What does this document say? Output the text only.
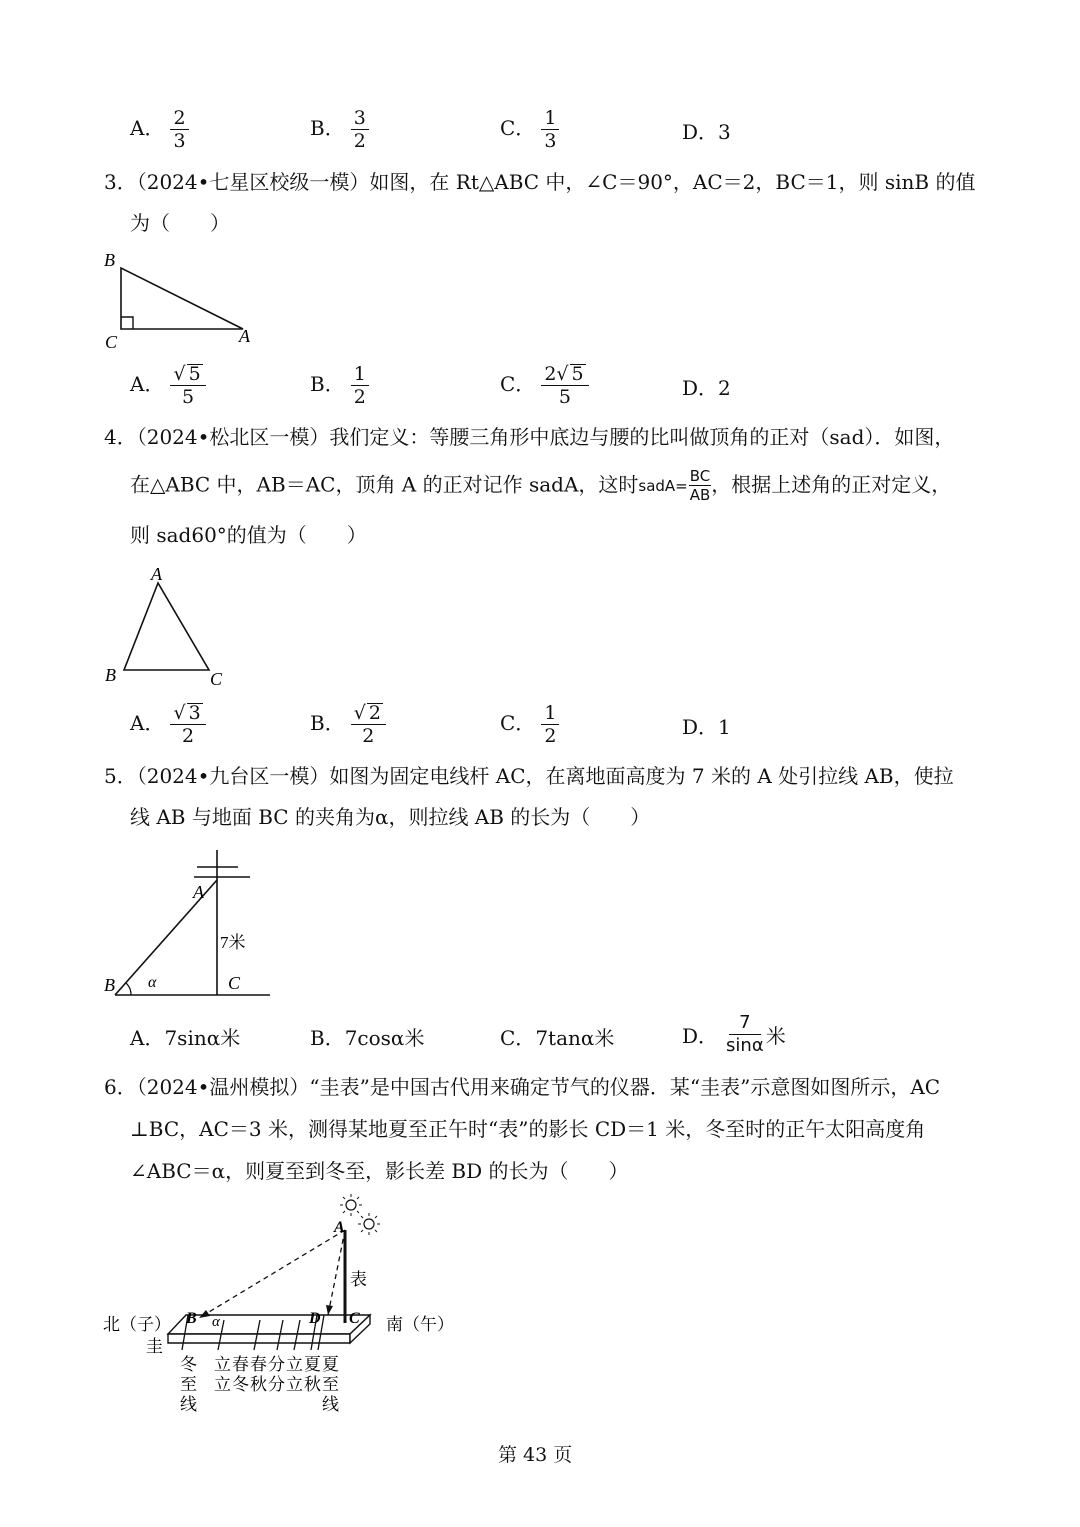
A． $\frac{2}{3}$	B． $\frac{3}{2}$	C． $\frac{1}{3}$	D．3
3．（2024•七星区校级一模）如图，在 Rt△ABC 中，∠C＝90°，AC＝2，BC＝1，则 sinB 的值
为（　　）
B
C	A
A． $\frac{√ 5}{5}$	B． $\frac{1}{2}$	C． $\frac{2√ 5}{5}$	D．2
4．（2024•松北区一模）我们定义：等腰三角形中底边与腰的比叫做顶角的正对（sad）．如图，
在△ABC 中，AB＝AC，顶角 A 的正对记作 sadA，这时sadA= $\frac{BC}{AB}$ ，根据上述角的正对定义，
则 sad60°的值为（　　）
A
B	C
A． $\frac{√ 3}{2}$	B． $\frac{√ 2}{2}$	C． $\frac{1}{2}$	D．1
5．（2024•九台区一模）如图为固定电线杆 AC，在离地面高度为 7 米的 A 处引拉线 AB，使拉
线 AB 与地面 BC 的夹角为α，则拉线 AB 的长为（　　）
A
B	C
α
7米
A．7sinα米	B．7cosα米	C．7tanα米	D． $\frac{7}{\sin\alpha}$ 米
6．（2024•温州模拟）“圭表”是中国古代用来确定节气的仪器．某“圭表”示意图如图所示，AC
⊥BC，AC＝3 米，测得某地夏至正午时“表”的影长 CD＝1 米，冬至时的正午太阳高度角
∠ABC＝α，则夏至到冬至，影长差 BD 的长为（　　）
A
B	D C
α
表
北（子）	南（午）
圭
冬
至
线
立
立
春
冬
春
秋
分
分
立
立
夏
秋
夏
至
线
第 43 页
